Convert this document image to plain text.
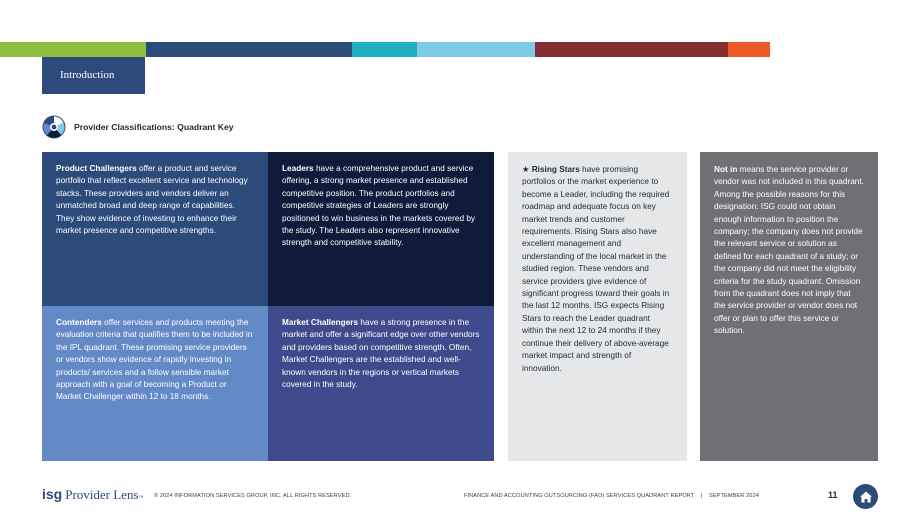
Introduction
Provider Classifications: Quadrant Key
Product Challengers offer a product and service portfolio that reflect excellent service and technology stacks. These providers and vendors deliver an unmatched broad and deep range of capabilities. They show evidence of investing to enhance their market presence and competitive strengths.
Leaders have a comprehensive product and service offering, a strong market presence and established competitive position. The product portfolios and competitive strategies of Leaders are strongly positioned to win business in the markets covered by the study. The Leaders also represent innovative strength and competitive stability.
Contenders offer services and products meeting the evaluation criteria that qualifies them to be included in the IPL quadrant. These promising service providers or vendors show evidence of rapidly investing in products/ services and a follow sensible market approach with a goal of becoming a Product or Market Challenger within 12 to 18 months.
Market Challengers have a strong presence in the market and offer a significant edge over other vendors and providers based on competitive strength. Often, Market Challengers are the established and well-known vendors in the regions or vertical markets covered in the study.
★ Rising Stars have promising portfolios or the market experience to become a Leader, including the required roadmap and adequate focus on key market trends and customer requirements. Rising Stars also have excellent management and understanding of the local market in the studied region. These vendors and service providers give evidence of significant progress toward their goals in the last 12 months. ISG expects Rising Stars to reach the Leader quadrant within the next 12 to 24 months if they continue their delivery of above-average market impact and strength of innovation.
Not in means the service provider or vendor was not included in this quadrant. Among the possible reasons for this designation: ISG could not obtain enough information to position the company; the company does not provide the relevant service or solution as defined for each quadrant of a study; or the company did not meet the eligibility criteria for the study quadrant. Omission from the quadrant does not imply that the service provider or vendor does not offer or plan to offer this service or solution.
isg Provider Lens ™ © 2024 INFORMATION SERVICES GROUP, INC. ALL RIGHTS RESERVED.	FINANCE AND ACCOUNTING OUTSOURCING (FAO) SERVICES QUADRANT REPORT | SEPTEMBER 2024	11
